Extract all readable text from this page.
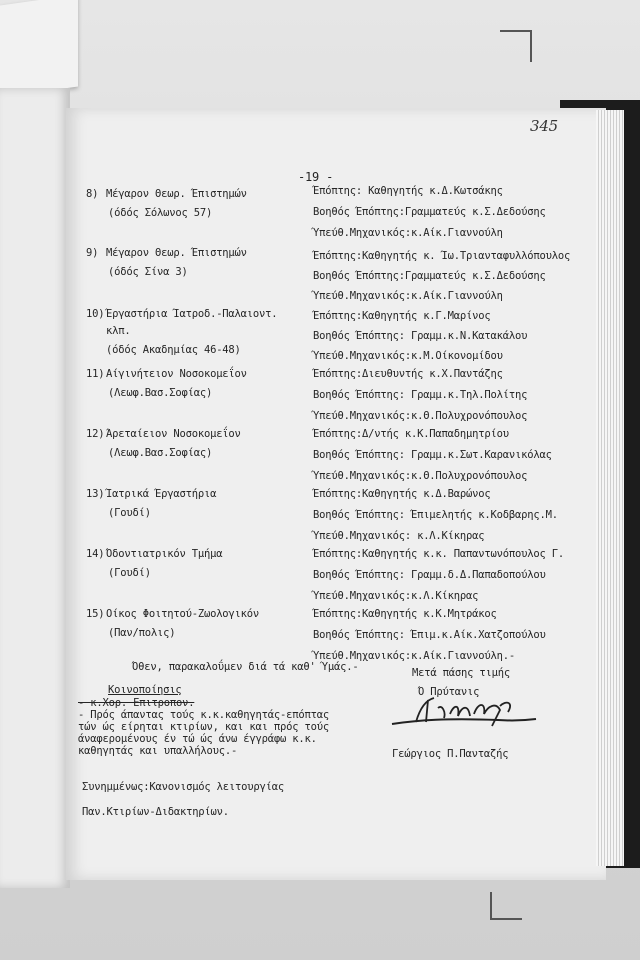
345
-19 -
8) Μέγαρον Θεωρ. Έπιστημών
(όδός Σόλωνος 57)
Έπόπτης: Καθηγητής κ.Δ.Κωτσάκης
Βοηθός Έπόπτης:Γραμματεύς κ.Σ.Δεδούσης
Ύπεύθ.Μηχανικός:κ.Αίκ.Γιαννούλη
9) Μέγαρον Θεωρ. Έπιστημών
(όδός Σίνα 3)
Έπόπτης:Καθηγητής κ. Ίω.Τριανταφυλλόπουλος
Βοηθός Έπόπτης:Γραμματεύς κ.Σ.Δεδούσης
Ύπεύθ.Μηχανικός:κ.Αίκ.Γιαννούλη
10) Έργαστήρια Ίατροδ.-Παλαιοντ.
κλπ.
(όδός Ακαδημίας 46-48)
Έπόπτης:Καθηγητής κ.Γ.Μαρίνος
Βοηθός Έπόπτης: Γραμμ.κ.Ν.Κατακάλου
Ύπεύθ.Μηχανικός:κ.Μ.Οίκονομίδου
11) Αίγινήτειον Νοσοκομεΐον
(Λεωφ.Βασ.Σοφίας)
Έπόπτης:Διευθυντής κ.Χ.Παντάζης
Βοηθός Έπόπτης: Γραμμ.κ.Τηλ.Πολίτης
Ύπεύθ.Μηχανικός:κ.Θ.Πολυχρονόπουλος
12) Άρεταίειον Νοσοκομεΐον
(Λεωφ.Βασ.Σοφίας)
Έπόπτης:Δ/ντής κ.Κ.Παπαδημητρίου
Βοηθός Έπόπτης: Γραμμ.κ.Σωτ.Καρανικόλας
Ύπεύθ.Μηχανικός:κ.Θ.Πολυχρονόπουλος
13) Ίατρικά Έργαστήρια
(Γουδί)
Έπόπτης:Καθηγητής κ.Δ.Βαρώνος
Βοηθός Έπόπτης: Έπιμελητής κ.Κοδβαρης.Μ.
Ύπεύθ.Μηχανικός: κ.Λ.Κίκηρας
14) Όδοντιατρικόν Τμήμα
(Γουδί)
Έπόπτης:Καθηγητής κ.κ. Παπαντωνόπουλος Γ.
Βοηθός Έπόπτης: Γραμμ.δ.Δ.Παπαδοπούλου
Ύπεύθ.Μηχανικός:κ.Λ.Κίκηρας
15) Οίκος Φοιτητού-Ζωολογικόν
(Παν/πολις)
Έπόπτης:Καθηγητής κ.Κ.Μητράκος
Βοηθός Έπόπτης: Έπιμ.κ.Αίκ.Χατζοπούλου
Ύπεύθ.Μηχανικός:κ.Αίκ.Γιαννούλη.-
Όθεν, παρακαλοΰμεν διά τά καθ' Ύμάς.-	Μετά πάσης τιμής
Ό Πρύτανις
Κοινοποίησις
- κ.Χορ. Επιτροπον.
- Πρός άπαντας τούς κ.κ.καθηγητάς-επόπτας
τών ώς είρηται κτιρίων, και και πρός τούς
άναφερομένους έν τώ ώς άνω έγγράφω κ.κ.
καθηγητάς και υπαλλήλους.-	Γεώργιος Π.Πανταζής
Συνημμένως:Κανονισμός λειτουργίας
Παν.Κτιρίων-Διδακτηρίων.
